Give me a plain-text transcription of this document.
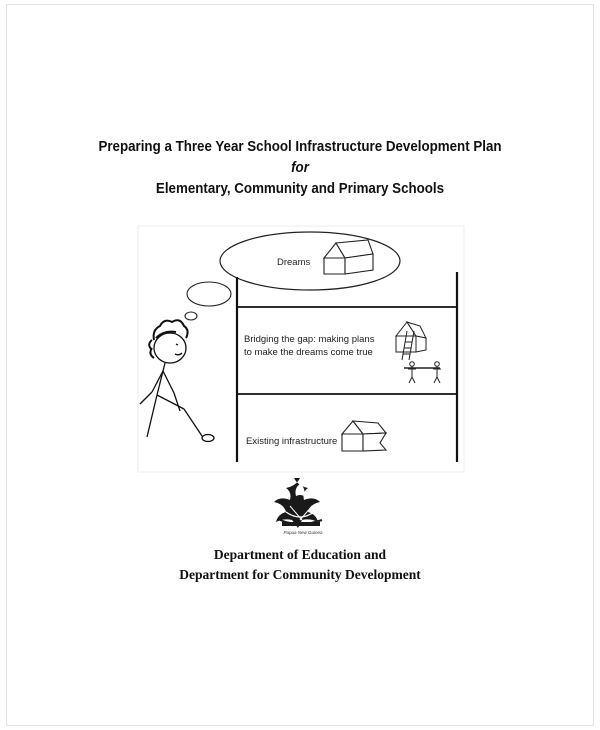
Preparing a Three Year School Infrastructure Development Plan
for
Elementary, Community and Primary Schools
Dreams
Bridging the gap: making plans
to make the dreams come true
Existing infrastructure
Papua New Guinea
Department of Education and
Department for Community Development
